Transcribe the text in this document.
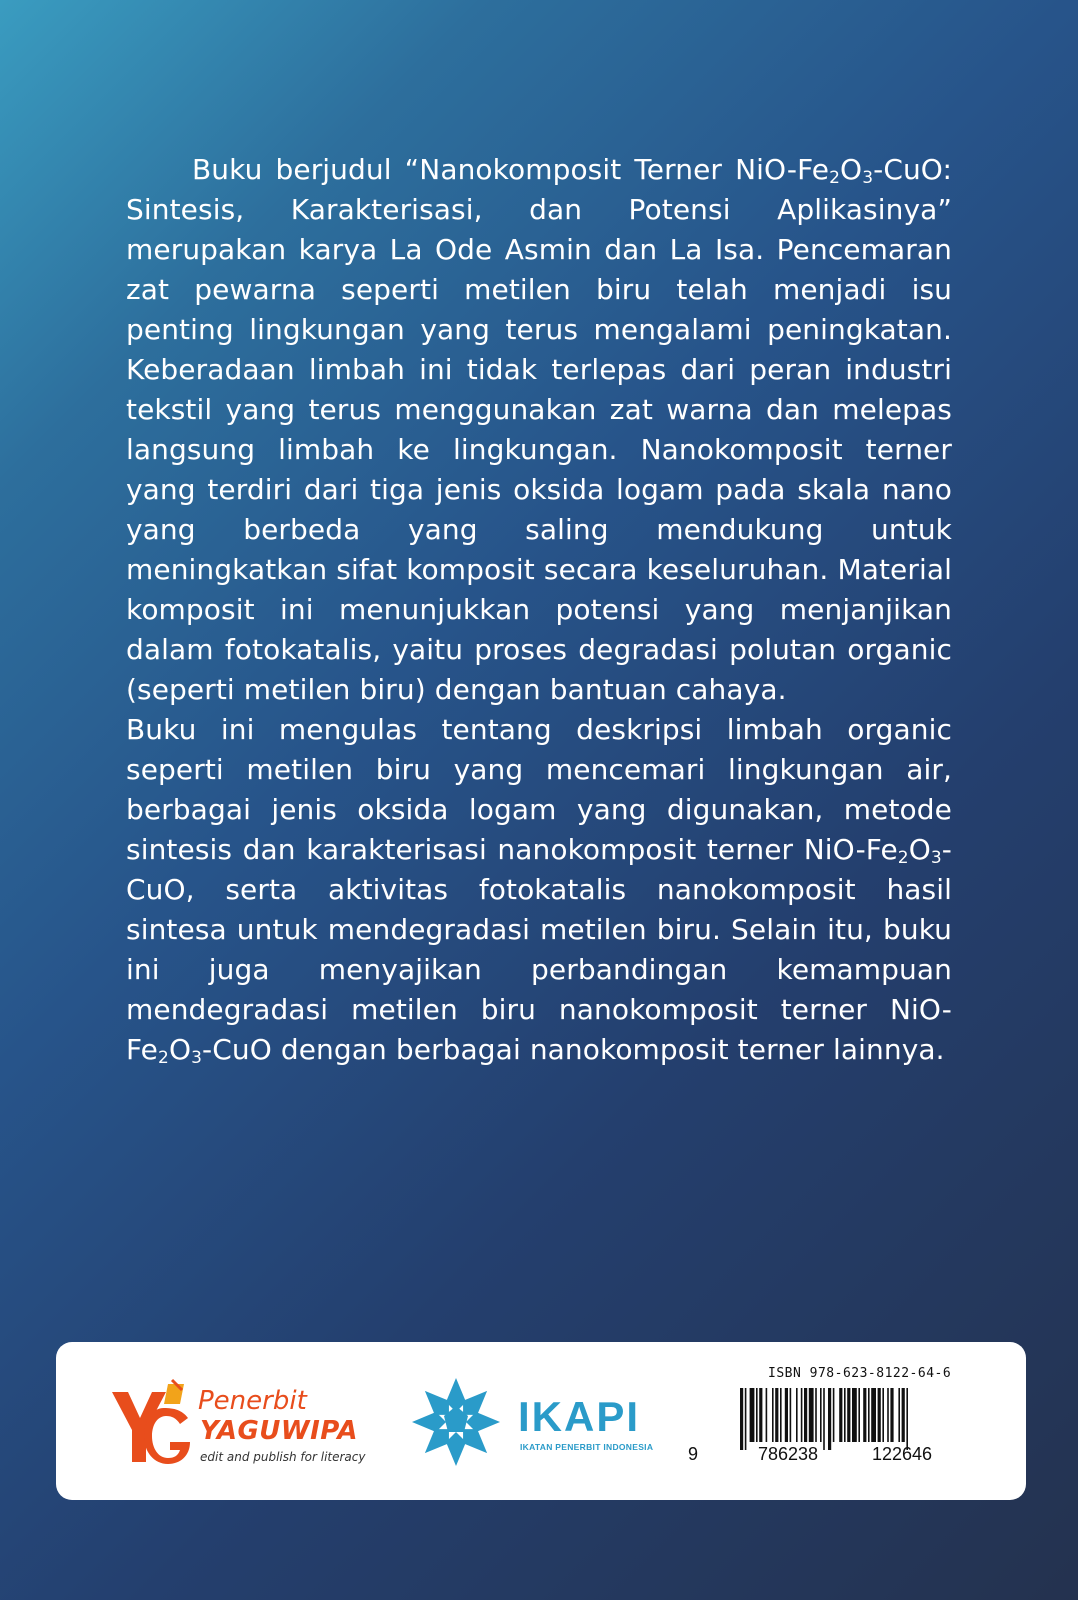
Buku berjudul “Nanokomposit Terner NiO-$Fe_2O_3$-CuO: Sintesis, Karakterisasi, dan Potensi Aplikasinya” merupakan karya La Ode Asmin dan La Isa. Pencemaran zat pewarna seperti metilen biru telah menjadi isu penting lingkungan yang terus mengalami peningkatan. Keberadaan limbah ini tidak terlepas dari peran industri tekstil yang terus menggunakan zat warna dan melepas langsung limbah ke lingkungan. Nanokomposit terner yang terdiri dari tiga jenis oksida logam pada skala nano yang berbeda yang saling mendukung untuk meningkatkan sifat komposit secara keseluruhan. Material komposit ini menunjukkan potensi yang menjanjikan dalam fotokatalis, yaitu proses degradasi polutan organic (seperti metilen biru) dengan bantuan cahaya.

Buku ini mengulas tentang deskripsi limbah organic seperti metilen biru yang mencemari lingkungan air, berbagai jenis oksida logam yang digunakan, metode sintesis dan karakterisasi nanokomposit terner NiO-$Fe_2O_3$-CuO, serta aktivitas fotokatalis nanokomposit hasil sintesa untuk mendegradasi metilen biru. Selain itu, buku ini juga menyajikan perbandingan kemampuan mendegradasi metilen biru nanokomposit terner NiO-$Fe_2O_3$-CuO dengan berbagai nanokomposit terner lainnya.

Penerbit
YAGUWIPA
edit and publish for literacy
IKAPI
IKATAN PENERBIT INDONESIA
ISBN 978-623-8122-64-6
9	786238	122646
